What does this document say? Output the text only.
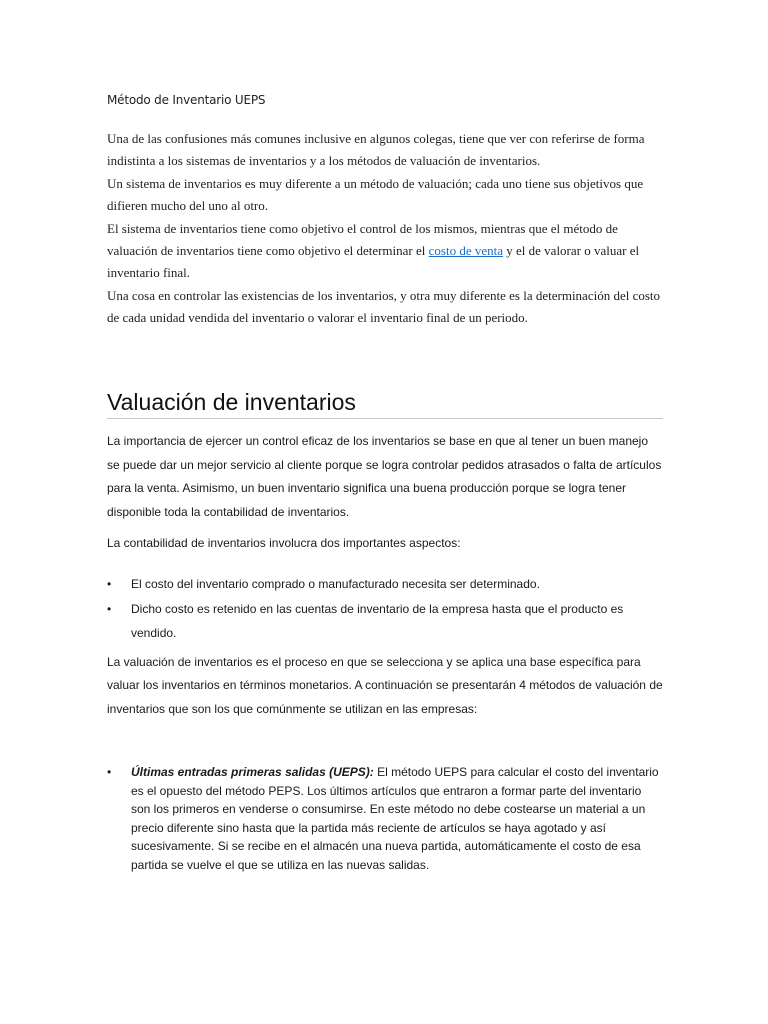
Método de Inventario UEPS

Una de las confusiones más comunes inclusive en algunos colegas, tiene que ver con referirse de forma indistinta a los sistemas de inventarios y a los métodos de valuación de inventarios.

Un sistema de inventarios es muy diferente a un método de valuación; cada uno tiene sus objetivos que difieren mucho del uno al otro.

El sistema de inventarios tiene como objetivo el control de los mismos, mientras que el método de valuación de inventarios tiene como objetivo el determinar el costo de venta y el de valorar o valuar el inventario final.

Una cosa en controlar las existencias de los inventarios, y otra muy diferente es la determinación del costo de cada unidad vendida del inventario o valorar el inventario final de un periodo.

Valuación de inventarios

La importancia de ejercer un control eficaz de los inventarios se base en que al tener un buen manejo se puede dar un mejor servicio al cliente porque se logra controlar pedidos atrasados o falta de artículos para la venta. Asimismo, un buen inventario significa una buena producción porque se logra tener disponible toda la contabilidad de inventarios.

La contabilidad de inventarios involucra dos importantes aspectos:

• El costo del inventario comprado o manufacturado necesita ser determinado.
• Dicho costo es retenido en las cuentas de inventario de la empresa hasta que el producto es vendido.

La valuación de inventarios es el proceso en que se selecciona y se aplica una base específica para valuar los inventarios en términos monetarios. A continuación se presentarán 4 métodos de valuación de inventarios que son los que comúnmente se utilizan en las empresas:

• Últimas entradas primeras salidas (UEPS): El método UEPS para calcular el costo del inventario es el opuesto del método PEPS. Los últimos artículos que entraron a formar parte del inventario son los primeros en venderse o consumirse. En este método no debe costearse un material a un precio diferente sino hasta que la partida más reciente de artículos se haya agotado y así sucesivamente. Si se recibe en el almacén una nueva partida, automáticamente el costo de esa partida se vuelve el que se utiliza en las nuevas salidas.
